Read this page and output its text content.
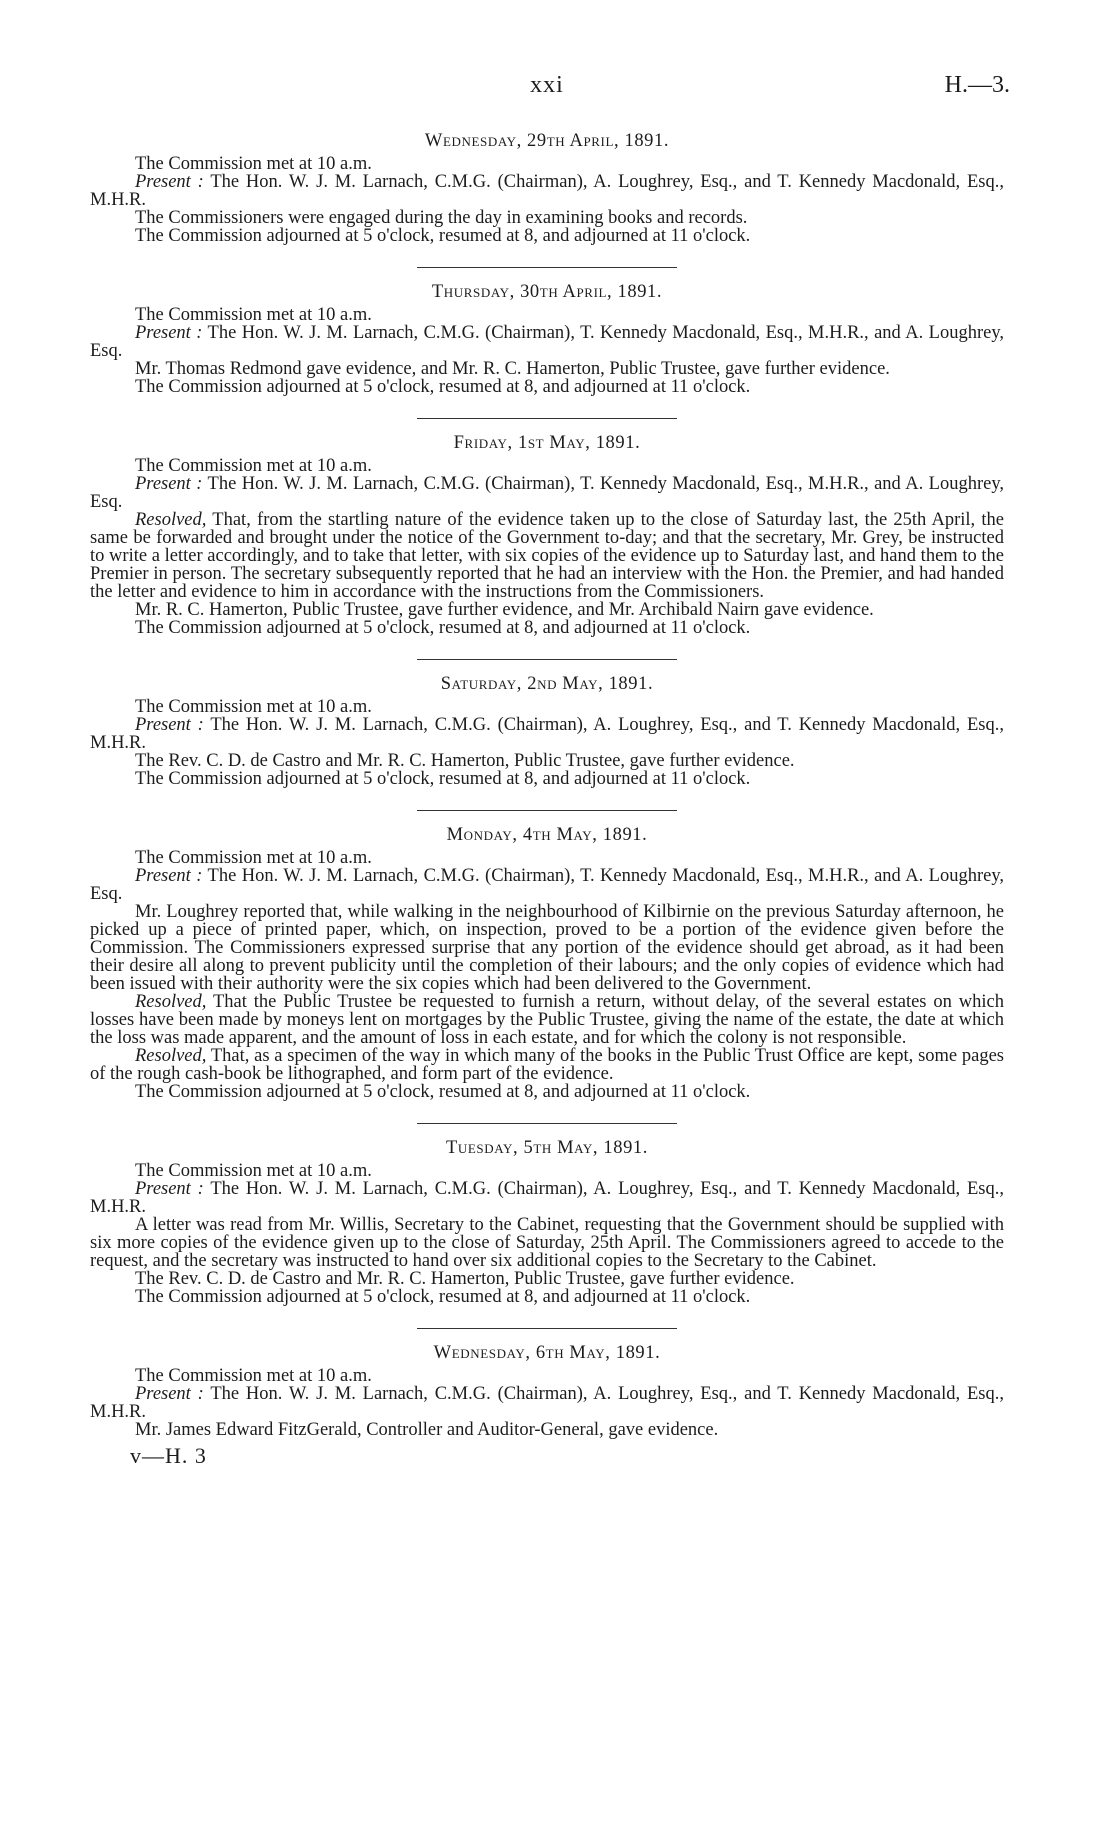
xxi	H.—3.
Wednesday, 29th April, 1891.

The Commission met at 10 a.m.

Present : The Hon. W. J. M. Larnach, C.M.G. (Chairman), A. Loughrey, Esq., and T. Kennedy Macdonald, Esq., M.H.R.

The Commissioners were engaged during the day in examining books and records.

The Commission adjourned at 5 o'clock, resumed at 8, and adjourned at 11 o'clock.

Thursday, 30th April, 1891.

The Commission met at 10 a.m.

Present : The Hon. W. J. M. Larnach, C.M.G. (Chairman), T. Kennedy Macdonald, Esq., M.H.R., and A. Loughrey, Esq.

Mr. Thomas Redmond gave evidence, and Mr. R. C. Hamerton, Public Trustee, gave further evidence.

The Commission adjourned at 5 o'clock, resumed at 8, and adjourned at 11 o'clock.

Friday, 1st May, 1891.

The Commission met at 10 a.m.

Present : The Hon. W. J. M. Larnach, C.M.G. (Chairman), T. Kennedy Macdonald, Esq., M.H.R., and A. Loughrey, Esq.

Resolved, That, from the startling nature of the evidence taken up to the close of Saturday last, the 25th April, the same be forwarded and brought under the notice of the Government to-day; and that the secretary, Mr. Grey, be instructed to write a letter accordingly, and to take that letter, with six copies of the evidence up to Saturday last, and hand them to the Premier in person. The secretary subsequently reported that he had an interview with the Hon. the Premier, and had handed the letter and evidence to him in accordance with the instructions from the Commissioners.

Mr. R. C. Hamerton, Public Trustee, gave further evidence, and Mr. Archibald Nairn gave evidence.

The Commission adjourned at 5 o'clock, resumed at 8, and adjourned at 11 o'clock.

Saturday, 2nd May, 1891.

The Commission met at 10 a.m.

Present : The Hon. W. J. M. Larnach, C.M.G. (Chairman), A. Loughrey, Esq., and T. Kennedy Macdonald, Esq., M.H.R.

The Rev. C. D. de Castro and Mr. R. C. Hamerton, Public Trustee, gave further evidence.

The Commission adjourned at 5 o'clock, resumed at 8, and adjourned at 11 o'clock.

Monday, 4th May, 1891.

The Commission met at 10 a.m.

Present : The Hon. W. J. M. Larnach, C.M.G. (Chairman), T. Kennedy Macdonald, Esq., M.H.R., and A. Loughrey, Esq.

Mr. Loughrey reported that, while walking in the neighbourhood of Kilbirnie on the previous Saturday afternoon, he picked up a piece of printed paper, which, on inspection, proved to be a portion of the evidence given before the Commission. The Commissioners expressed surprise that any portion of the evidence should get abroad, as it had been their desire all along to prevent publicity until the completion of their labours; and the only copies of evidence which had been issued with their authority were the six copies which had been delivered to the Government.

Resolved, That the Public Trustee be requested to furnish a return, without delay, of the several estates on which losses have been made by moneys lent on mortgages by the Public Trustee, giving the name of the estate, the date at which the loss was made apparent, and the amount of loss in each estate, and for which the colony is not responsible.

Resolved, That, as a specimen of the way in which many of the books in the Public Trust Office are kept, some pages of the rough cash-book be lithographed, and form part of the evidence.

The Commission adjourned at 5 o'clock, resumed at 8, and adjourned at 11 o'clock.

Tuesday, 5th May, 1891.

The Commission met at 10 a.m.

Present : The Hon. W. J. M. Larnach, C.M.G. (Chairman), A. Loughrey, Esq., and T. Kennedy Macdonald, Esq., M.H.R.

A letter was read from Mr. Willis, Secretary to the Cabinet, requesting that the Government should be supplied with six more copies of the evidence given up to the close of Saturday, 25th April. The Commissioners agreed to accede to the request, and the secretary was instructed to hand over six additional copies to the Secretary to the Cabinet.

The Rev. C. D. de Castro and Mr. R. C. Hamerton, Public Trustee, gave further evidence.

The Commission adjourned at 5 o'clock, resumed at 8, and adjourned at 11 o'clock.

Wednesday, 6th May, 1891.

The Commission met at 10 a.m.

Present : The Hon. W. J. M. Larnach, C.M.G. (Chairman), A. Loughrey, Esq., and T. Kennedy Macdonald, Esq., M.H.R.

Mr. James Edward FitzGerald, Controller and Auditor-General, gave evidence.

v—H. 3
